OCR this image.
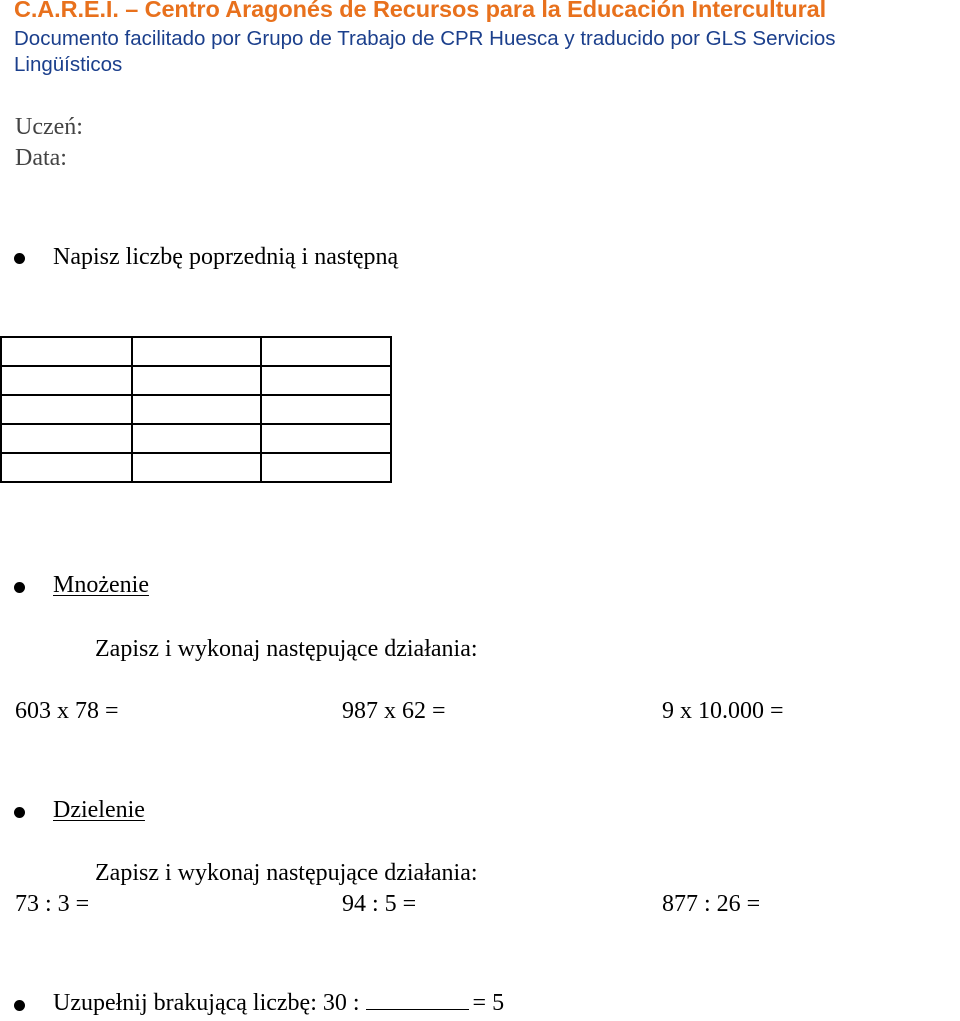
C.A.R.E.I. – Centro Aragonés de Recursos para la Educación Intercultural
Documento facilitado por Grupo de Trabajo de CPR Huesca y traducido por GLS Servicios
Lingüísticos
Uczeń:
Data:
Napisz liczbę poprzednią i następną

Mnożenie
Zapisz i wykonaj następujące działania:
603 x 78 =	987 x 62 =	9 x 10.000 =
Dzielenie
Zapisz i wykonaj następujące działania:
73 : 3 =	94 : 5 =	877 : 26 =
Uzupełnij brakującą liczbę: 30 :	= 5
